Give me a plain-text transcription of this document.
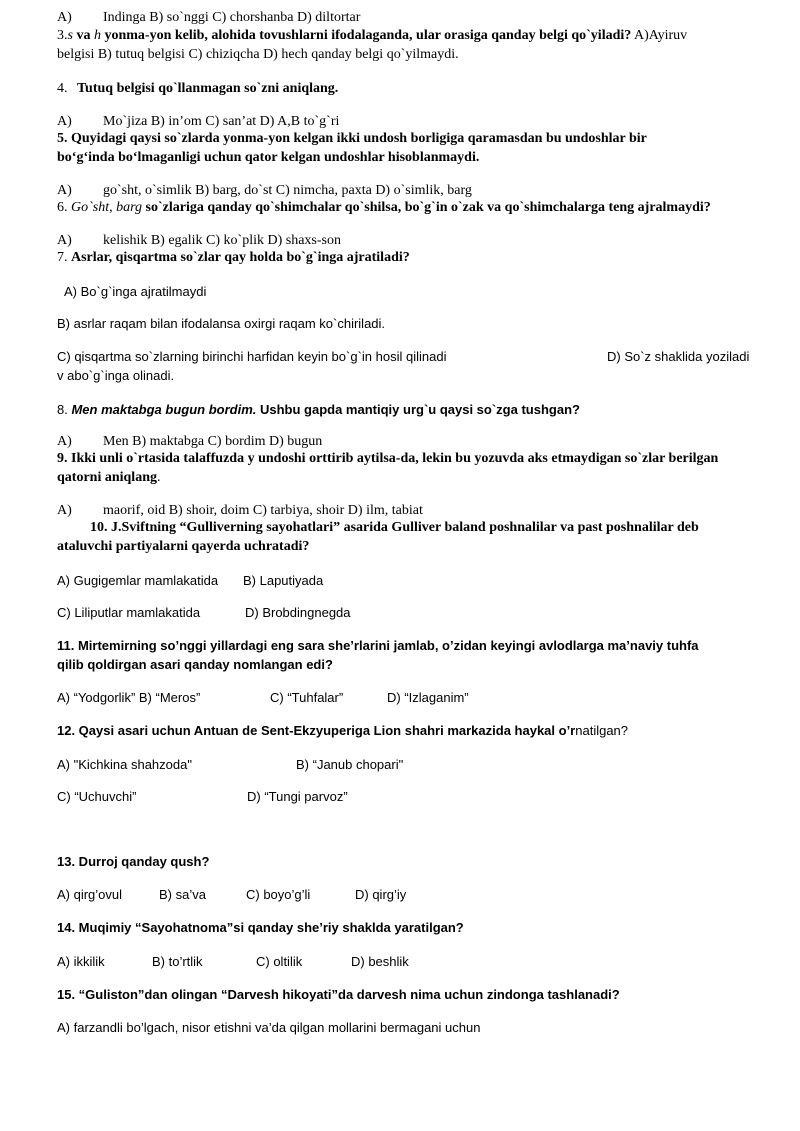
A) Indinga B) so`nggi C) chorshanba D) diltortar
3.s va h yonma-yon kelib, alohida tovushlarni ifodalaganda, ular orasiga qanday belgi qo`yiladi? A)Ayiruv
belgisi B) tutuq belgisi C) chiziqcha D) hech qanday belgi qo`yilmaydi.
4. Tutuq belgisi qo`llanmagan so`zni aniqlang.
A) Mo`jiza B) in’om C) san’at D) A,B to`g`ri
5. Quyidagi qaysi so`zlarda yonma-yon kelgan ikki undosh borligiga qaramasdan bu undoshlar bir
bo‘g‘inda bo‘lmaganligi uchun qator kelgan undoshlar hisoblanmaydi.
A) go`sht, o`simlik B) barg, do`st C) nimcha, paxta D) o`simlik, barg
6. Go`sht, barg so`zlariga qanday qo`shimchalar qo`shilsa, bo`g`in o`zak va qo`shimchalarga teng ajralmaydi?
A) kelishik B) egalik C) ko`plik D) shaxs-son
7. Asrlar, qisqartma so`zlar qay holda bo`g`inga ajratiladi?
A) Bo`g`inga ajratilmaydi
B) asrlar raqam bilan ifodalansa oxirgi raqam ko`chiriladi.
C) qisqartma so`zlarning birinchi harfidan keyin bo`g`in hosil qilinadi	D) So`z shaklida yoziladi
v abo`g`inga olinadi.
8. Men maktabga bugun bordim. Ushbu gapda mantiqiy urg`u qaysi so`zga tushgan?
A) Men B) maktabga C) bordim D) bugun
9. Ikki unli o`rtasida talaffuzda y undoshi orttirib aytilsa-da, lekin bu yozuvda aks etmaydigan so`zlar berilgan
qatorni aniqlang.
A) maorif, oid B) shoir, doim C) tarbiya, shoir D) ilm, tabiat
10. J.Sviftning “Gulliverning sayohatlari” asarida Gulliver baland poshnalilar va past poshnalilar deb
ataluvchi partiyalarni qayerda uchratadi?
A) Gugigemlar mamlakatida B) Laputiyada
C) Liliputlar mamlakatida	D) Brobdingnegda
11. Mirtemirning so’nggi yillardagi eng sara she’rlarini jamlab, o’zidan keyingi avlodlarga ma’naviy tuhfa
qilib qoldirgan asari qanday nomlangan edi?
A) “Yodgorlik” B) “Meros”	C) “Tuhfalar”	D) “Izlaganim”
12. Qaysi asari uchun Antuan de Sent-Ekzyuperiga Lion shahri markazida haykal o’rnatilgan?
A) "Kichkina shahzoda"	B) “Janub chopari"
C) “Uchuvchi”	D) “Tungi parvoz”
13. Durroj qanday qush?
A) qirg’ovul	B) sa’va	C) boyo’g’li	D) qirg’iy
14. Muqimiy “Sayohatnoma”si qanday she’riy shaklda yaratilgan?
A) ikkilik	B) to’rtlik	C) oltilik	D) beshlik
15. “Guliston”dan olingan “Darvesh hikoyati”da darvesh nima uchun zindonga tashlanadi?
A) farzandli bo’lgach, nisor etishni va’da qilgan mollarini bermagani uchun
